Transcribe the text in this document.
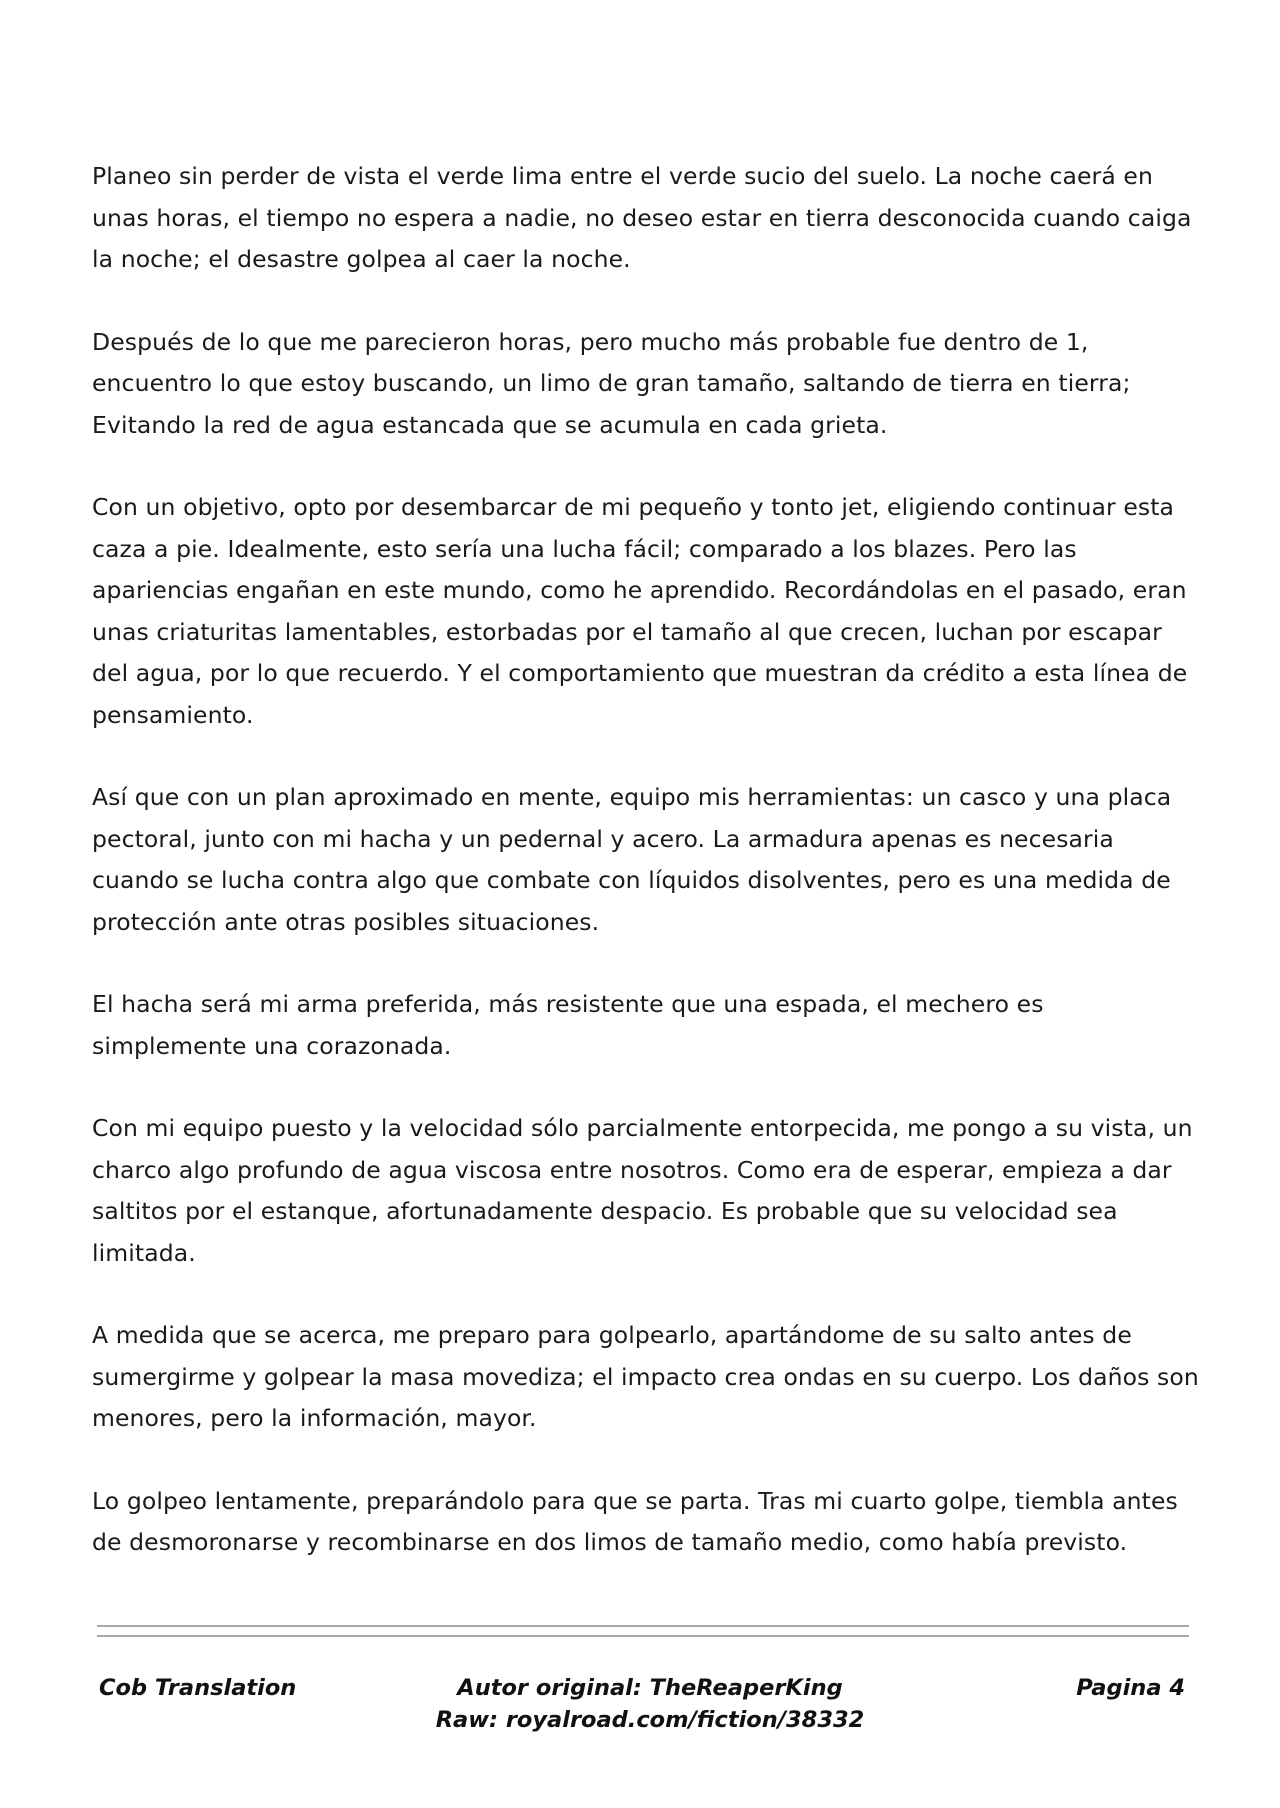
Planeo sin perder de vista el verde lima entre el verde sucio del suelo. La noche caerá en unas horas, el tiempo no espera a nadie, no deseo estar en tierra desconocida cuando caiga la noche; el desastre golpea al caer la noche.

Después de lo que me parecieron horas, pero mucho más probable fue dentro de 1, encuentro lo que estoy buscando, un limo de gran tamaño, saltando de tierra en tierra; Evitando la red de agua estancada que se acumula en cada grieta.

Con un objetivo, opto por desembarcar de mi pequeño y tonto jet, eligiendo continuar esta caza a pie. Idealmente, esto sería una lucha fácil; comparado a los blazes. Pero las apariencias engañan en este mundo, como he aprendido. Recordándolas en el pasado, eran unas criaturitas lamentables, estorbadas por el tamaño al que crecen, luchan por escapar del agua, por lo que recuerdo. Y el comportamiento que muestran da crédito a esta línea de pensamiento.

Así que con un plan aproximado en mente, equipo mis herramientas: un casco y una placa pectoral, junto con mi hacha y un pedernal y acero. La armadura apenas es necesaria cuando se lucha contra algo que combate con líquidos disolventes, pero es una medida de protección ante otras posibles situaciones.

El hacha será mi arma preferida, más resistente que una espada, el mechero es simplemente una corazonada.

Con mi equipo puesto y la velocidad sólo parcialmente entorpecida, me pongo a su vista, un charco algo profundo de agua viscosa entre nosotros. Como era de esperar, empieza a dar saltitos por el estanque, afortunadamente despacio. Es probable que su velocidad sea limitada.

A medida que se acerca, me preparo para golpearlo, apartándome de su salto antes de sumergirme y golpear la masa movediza; el impacto crea ondas en su cuerpo. Los daños son menores, pero la información, mayor.

Lo golpeo lentamente, preparándolo para que se parta. Tras mi cuarto golpe, tiembla antes de desmoronarse y recombinarse en dos limos de tamaño medio, como había previsto.

Cob Translation	Autor original: TheReaperKing
Raw: royalroad.com/fiction/38332
Pagina 4
